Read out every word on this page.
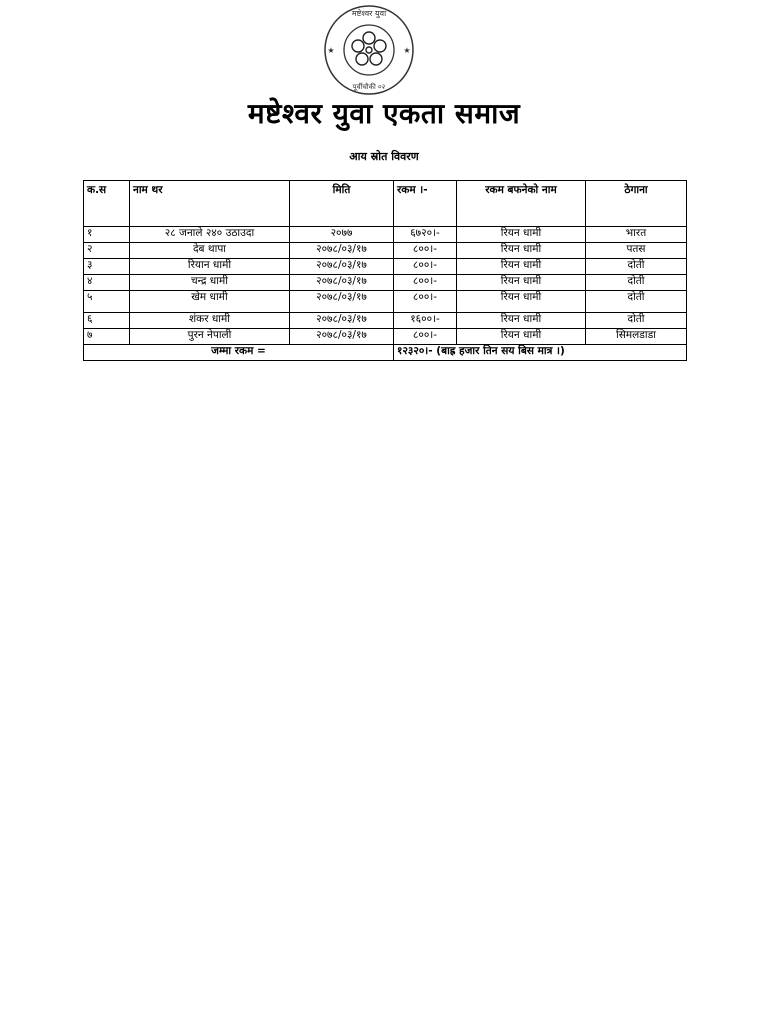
मष्टेश्वर युवा
पूर्वीचौकी ०२
★	★
मष्टेश्वर युवा एकता समाज
आय स्रोत विवरण
क.स	नाम थर	मिति	रकम ।-	रकम बफनेको नाम	ठेगाना
१	२८ जनाले २४० उठाउदा	२०७७	६७२०।-	रियन धामी	भारत
२	देब थापा	२०७८/०३/१७	८००।-	रियन धामी	पतस
३	रियान धामी	२०७८/०३/१७	८००।-	रियन धामी	दोती
४	चन्द्र धामी	२०७८/०३/१७	८००।-	रियन धामी	दोती
५	खेम धामी	२०७८/०३/१७	८००।-	रियन धामी	दोती
६	शंकर धामी	२०७८/०३/१७	१६००।-	रियन धामी	दोती
७	पुरन नेपाली	२०७८/०३/१७	८००।-	रियन धामी	सिमलडाडा
जम्मा रकम =			१२३२०।- (बाह्र हजार तिन सय बिस मात्र ।)		
